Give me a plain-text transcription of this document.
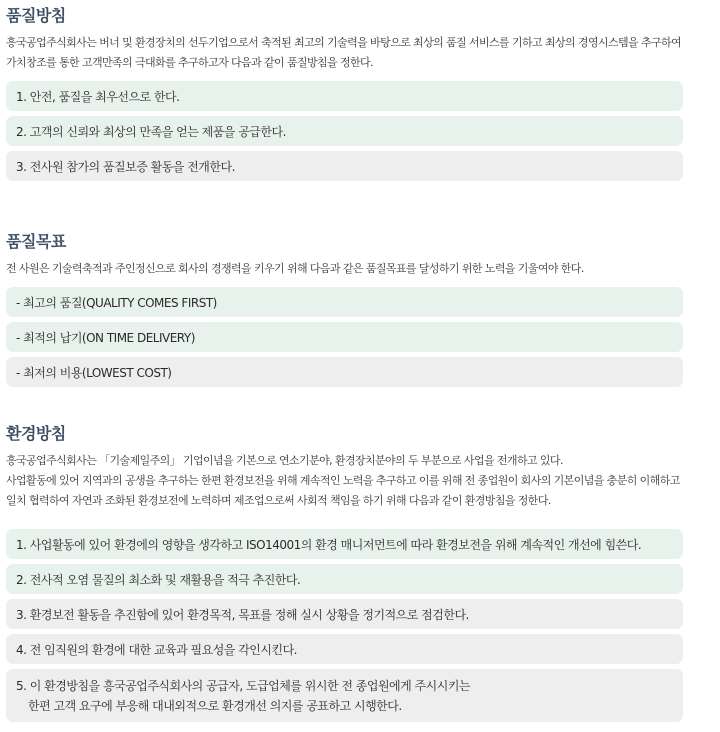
품질방침

흥국공업주식회사는 버너 및 환경장치의 선두기업으로서 축적된 최고의 기술력을 바탕으로 최상의 품질 서비스를 기하고 최상의 경영시스템을 추구하여 가치창조를 통한 고객만족의 극대화를 추구하고자 다음과 같이 품질방침을 정한다.

1. 안전, 품질을 최우선으로 한다.
2. 고객의 신뢰와 최상의 만족을 얻는 제품을 공급한다.
3. 전사원 참가의 품질보증 활동을 전개한다.
품질목표

전 사원은 기술력축적과 주인정신으로 회사의 경쟁력을 키우기 위해 다음과 같은 품질목표를 달성하기 위한 노력을 기울여야 한다.

- 최고의 품질(QUALITY COMES FIRST)
- 최적의 납기(ON TIME DELIVERY)
- 최저의 비용(LOWEST COST)
환경방침

흥국공업주식회사는 「기술제일주의」 기업이념을 기본으로 연소기분야, 환경장치분야의 두 부분으로 사업을 전개하고 있다.

사업활동에 있어 지역과의 공생을 추구하는 한편 환경보전을 위해 계속적인 노력을 추구하고 이를 위해 전 종업원이 회사의 기본이념을 충분히 이해하고 일치 협력하여 자연과 조화된 환경보전에 노력하며 제조업으로써 사회적 책임을 하기 위해 다음과 같이 환경방침을 정한다.

1. 사업활동에 있어 환경에의 영향을 생각하고 ISO14001의 환경 매니저먼트에 따라 환경보전을 위해 계속적인 개선에 힘쓴다.
2. 전사적 오염 물질의 최소화 및 재활용을 적극 추진한다.
3. 환경보전 활동을 추진함에 있어 환경목적, 목표를 정해 실시 상황을 정기적으로 점검한다.
4. 전 임직원의 환경에 대한 교육과 필요성을 각인시킨다.
5. 이 환경방침을 흥국공업주식회사의 공급자, 도급업체를 위시한 전 종업원에게 주시시키는
한편 고객 요구에 부응해 대내외적으로 환경개선 의지를 공표하고 시행한다.
